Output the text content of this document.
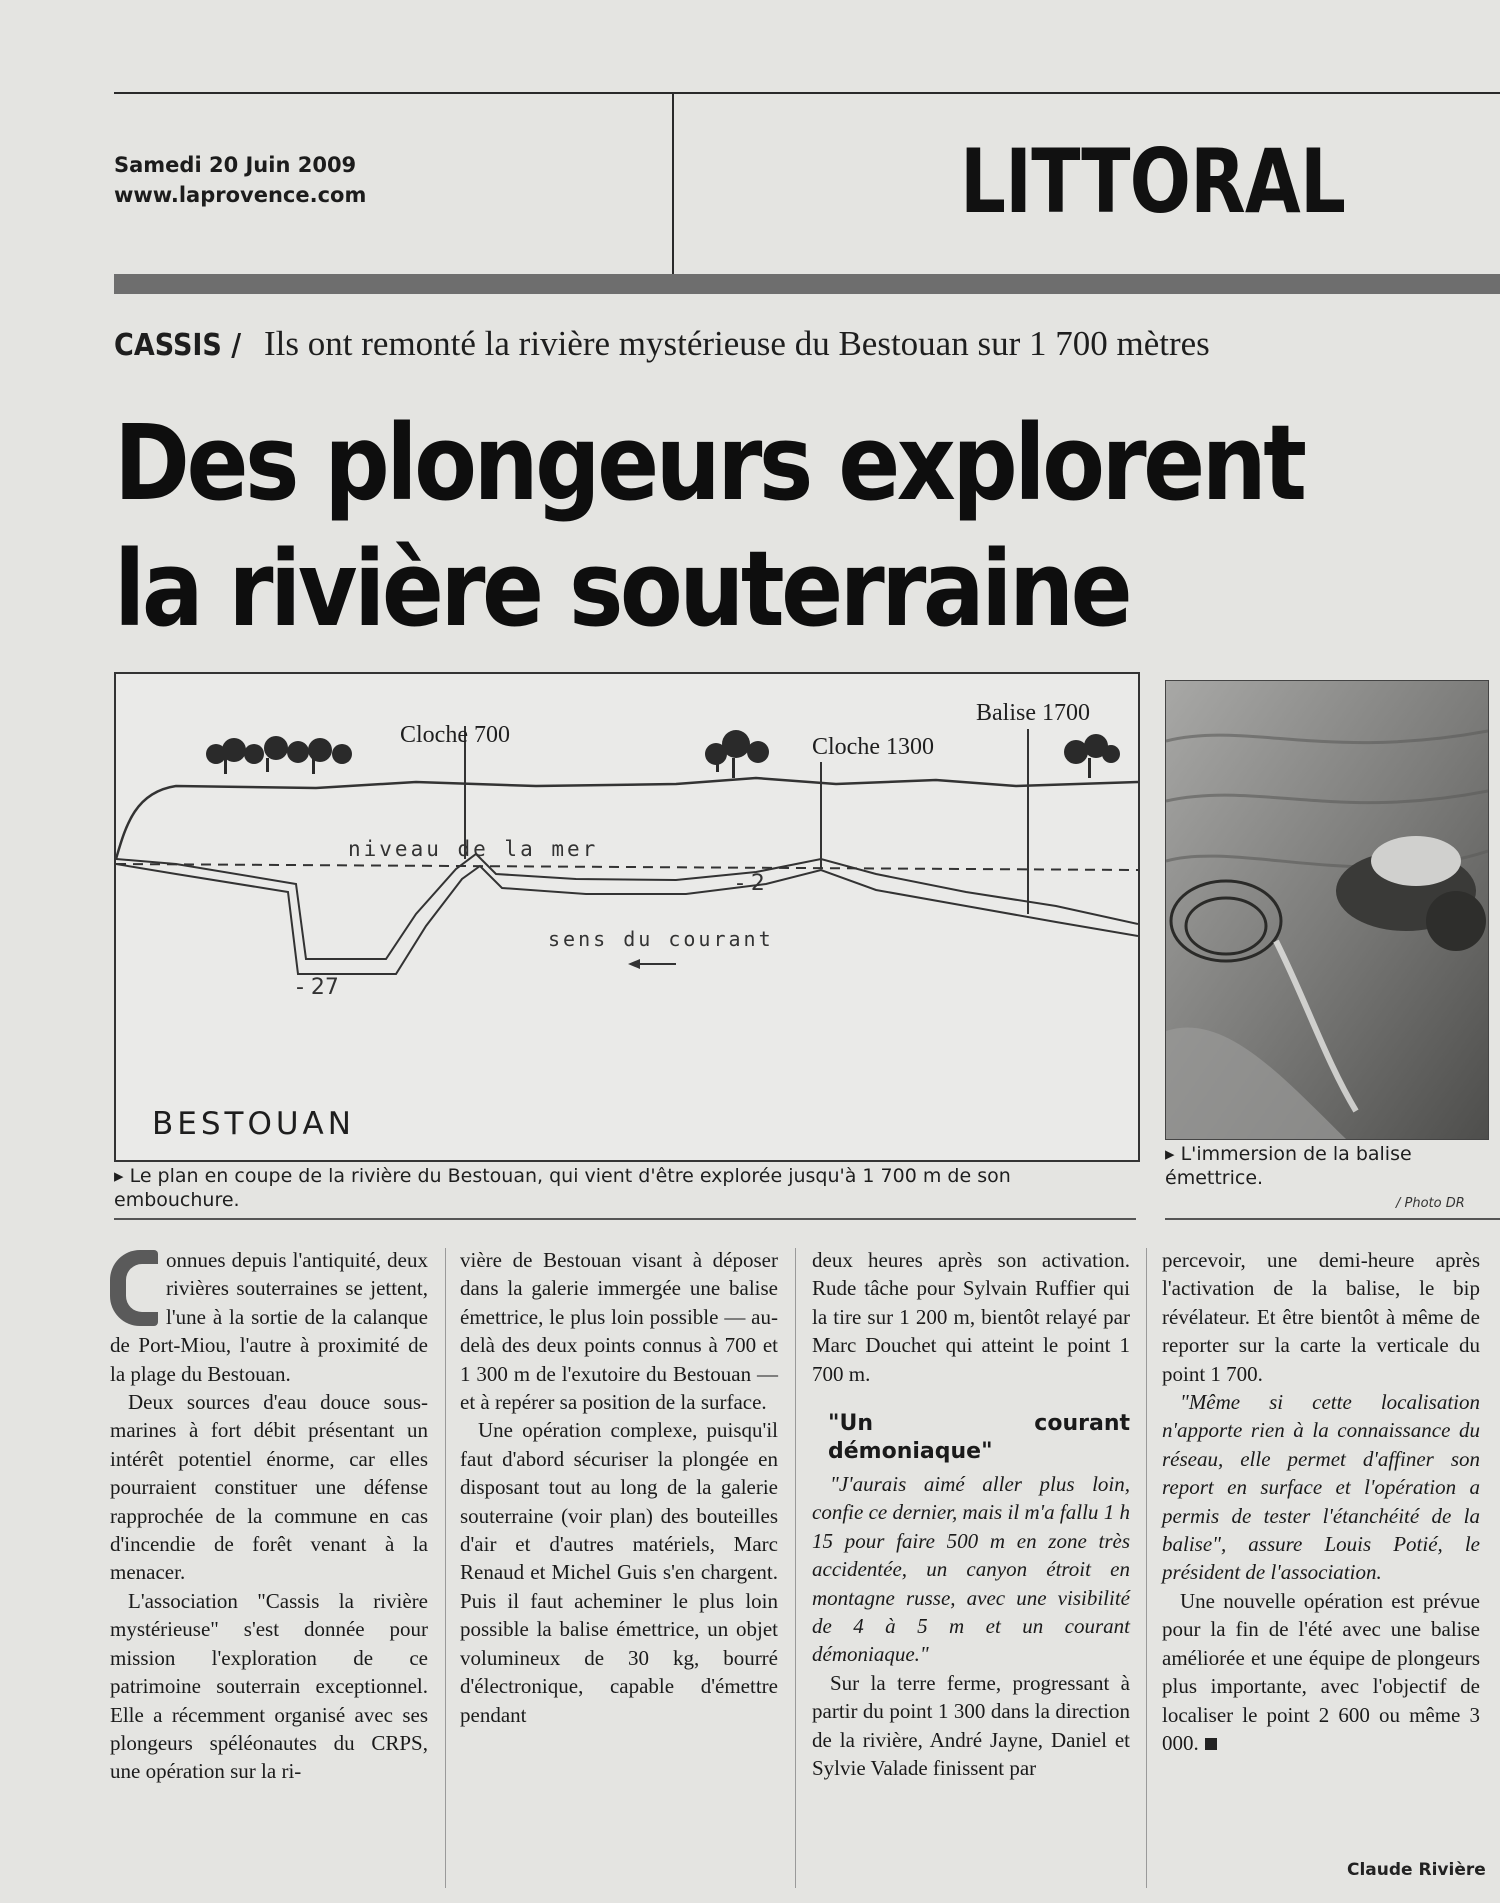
Samedi 20 Juin 2009
www.laprovence.com	LITTORAL
CASSIS / Ils ont remonté la rivière mystérieuse du Bestouan sur 1 700 mètres
Des plongeurs explorent
la rivière souterraine
Cloche 700	Cloche 1300
Balise 1700
niveau de la mer
sens du courant
- 27
- 2
BESTOUAN
▸ Le plan en coupe de la rivière du Bestouan, qui vient d'être explorée jusqu'à 1 700 m de son embouchure.
▸ L'immersion de la balise émettrice.
/ Photo DR

onnues depuis l'antiquité, deux rivières souterraines se jettent, l'une à la sortie de la calanque de Port-Miou, l'autre à proximité de la plage du Bestouan.

Deux sources d'eau douce sous-marines à fort débit présentant un intérêt potentiel énorme, car elles pourraient constituer une défense rapprochée de la commune en cas d'incendie de forêt venant à la menacer.

L'association "Cassis la rivière mystérieuse" s'est donnée pour mission l'exploration de ce patrimoine souterrain exceptionnel. Elle a récemment organisé avec ses plongeurs spéléonautes du CRPS, une opération sur la ri-

vière de Bestouan visant à déposer dans la galerie immergée une balise émettrice, le plus loin possible — au-delà des deux points connus à 700 et 1 300 m de l'exutoire du Bestouan — et à repérer sa position de la surface.

Une opération complexe, puisqu'il faut d'abord sécuriser la plongée en disposant tout au long de la galerie souterraine (voir plan) des bouteilles d'air et d'autres matériels, Marc Renaud et Michel Guis s'en chargent. Puis il faut acheminer le plus loin possible la balise émettrice, un objet volumineux de 30 kg, bourré d'électronique, capable d'émettre pendant

deux heures après son activation. Rude tâche pour Sylvain Ruffier qui la tire sur 1 200 m, bientôt relayé par Marc Douchet qui atteint le point 1 700 m.

"Un courant démoniaque"

"J'aurais aimé aller plus loin, confie ce dernier, mais il m'a fallu 1 h 15 pour faire 500 m en zone très accidentée, un canyon étroit en montagne russe, avec une visibilité de 4 à 5 m et un courant démoniaque."

Sur la terre ferme, progressant à partir du point 1 300 dans la direction de la rivière, André Jayne, Daniel et Sylvie Valade finissent par

percevoir, une demi-heure après l'activation de la balise, le bip révélateur. Et être bientôt à même de reporter sur la carte la verticale du point 1 700.

"Même si cette localisation n'apporte rien à la connaissance du réseau, elle permet d'affiner son report en surface et l'opération a permis de tester l'étanchéité de la balise", assure Louis Potié, le président de l'association.

Une nouvelle opération est prévue pour la fin de l'été avec une balise améliorée et une équipe de plongeurs plus importante, avec l'objectif de localiser le point 2 600 ou même 3 000.

Claude Rivière
